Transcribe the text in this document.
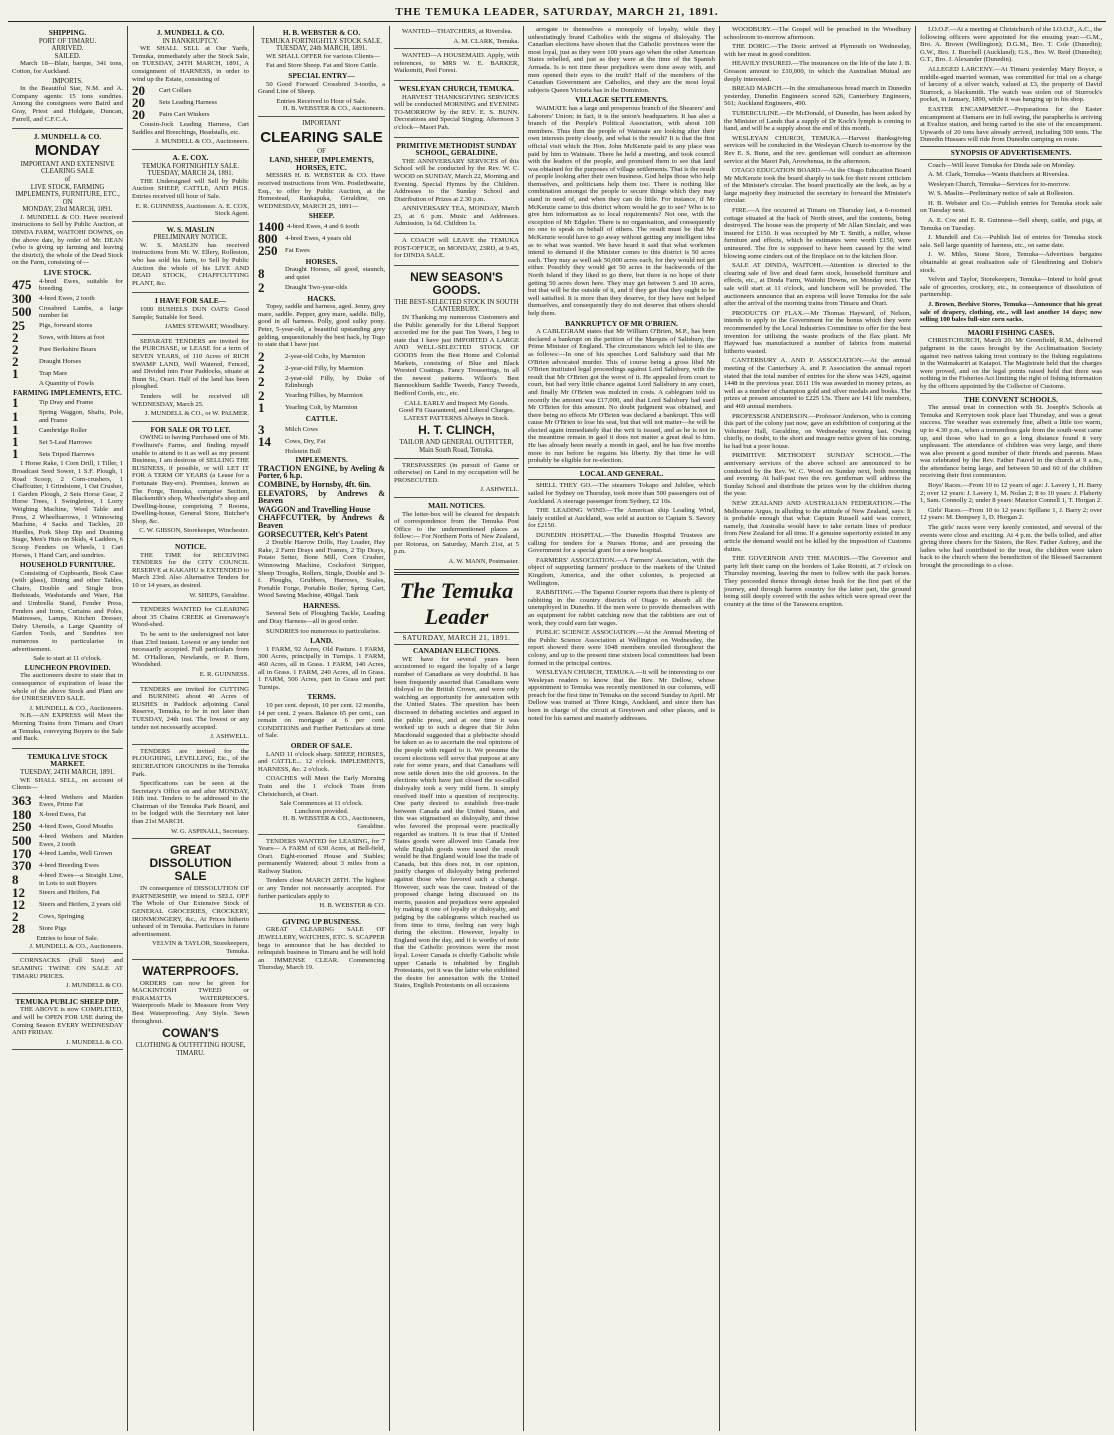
THE TEMUKA LEADER, SATURDAY, MARCH 21, 1891.
SHIPPING.
PORT OF TIMARU.
ARRIVED.
SAILED.

March 18—Blair, barque, 341 tons, Cotton, for Auckland.

IMPORTS.

In the Beautiful Star, N.M. and A. Company agents: 15 tons sundries. Among the consignees were Baird and Gray, Priest and Holdgate, Duncan, Farrell, and C.F.C.A.

J. MUNDELL & CO.
MONDAY
IMPORTANT AND EXTENSIVE CLEARING SALE
of
LIVE STOCK, FARMING IMPLEMENTS, FURNITURE, ETC.,
ON
MONDAY, 23rd MARCH, 1891.

J. MUNDELL & CO. Have received instructions to Sell by Public Auction, at DINDA FARM, WAITOHI DOWNS, on the above date, by order of Mr. DEAN (who is giving up farming and leaving the district), the whole of the Dead Stock on the Farm, consisting of—

LIVE STOCK.
475	4-bred Ewes, suitable for breeding
300	4-bred Ewes, 2 tooth
500	Crossbred Lambs, a large number fat
25	Pigs, forward stores
2	Sows, with litters at foot
2	Pure Berkshire Boars
2	Draught Horses
1	Trap Mare
A Quantity of Fowls
FARMING IMPLEMENTS, ETC.
1	Tip Dray and Frame
1	Spring Waggon, Shafts, Pole, and Frame
1	Cambridge Roller
1	Set 5-Leaf Harrows
1	Sets Tripod Harrows

1 Horse Rake, 1 Corn Drill, 1 Tiller, 1 Broadcast Seed Sower, 1 S.F. Plough, 1 Road Scoop, 2 Corn-crushers, 1 Chaffcutter, 1 Grindstone, 1 Oat Crusher, 1 Garden Plough, 2 Sets Horse Gear, 2 Horse Trees, 1 Swingletree, 1 Lorry Weighing Machine, Wool Table and Press, 2 Wheelbarrows, 1 Winnowing Machine, 4 Sacks and Tackles, 20 Hurdles, Pork Shop Dip and Draining Stage, Men's Huts on Skids, 4 Ladders, 6 Scoop Fenders on Wheels, 1 Cart Horses, 1 Hand Cart, and sundries.

HOUSEHOLD FURNITURE.

Consisting of Cupboards, Book Case (with glass), Dining and other Tables, Chairs, Double and Single Iron Bedsteads, Washstands and Ware, Hat and Umbrella Stand, Fender Press, Fenders and Irons, Curtains and Poles, Mattresses, Lamps, Kitchen Dresser, Dairy Utensils, a Large Quantity of Garden Tools, and Sundries too numerous to particularise in advertisement.

Sale to start at 11 o'clock.
LUNCHEON PROVIDED.

The auctioneers desire to state that in consequence of expiration of lease the whole of the above Stock and Plant are for UNRESERVED SALE.

J. MUNDELL & CO., Auctioneers.

N.B.—AN EXPRESS will Meet the Morning Trains from Timaru and Orari at Temuka, conveying Buyers to the Sale and Back.

TEMUKA LIVE STOCK MARKET.
TUESDAY, 24TH MARCH, 1891.

WE SHALL SELL, on account of Clients—

363	4-bred Wethers and Maiden Ewes, Prime Fat
180	X-bred Ewes, Fat
250	4-bred Ewes, Good Mouths
500	4-bred Wethers and Maiden Ewes, 2 tooth
170	4-bred Lambs, Well Grown
370	4-bred Breeding Ewes
8	4-bred Ewes—a Straight Line, in Lots to suit Buyers
12	Steers and Heifers, Fat
12	Steers and Heifers, 2 years old
2	Cows, Springing
28	Store Pigs
Entries to hour of Sale.
J. MUNDELL & CO., Auctioneers.

CORNSACKS (Full Size) and SEAMING TWINE ON SALE AT TIMARU PRICES.

J. MUNDELL & CO.
TEMUKA PUBLIC SHEEP DIP.

THE ABOVE is now COMPLETED, and will be OPEN FOR USE during the Coming Season EVERY WEDNESDAY AND FRIDAY.

J. MUNDELL & CO.
J. MUNDELL & CO.
IN BANKRUPTCY.

WE SHALL SELL at Our Yards, Temuka, immediately after the Stock Sale, on TUESDAY, 24TH MARCH, 1891, A consignment of HARNESS, in order to wind up the Estate, consisting of

20	Cart Collars
20	Sets Leading Harness
20	Pairs Cart Winkers

Cousin-Jock Leading Harness, Cart Saddles and Breechings, Headstalls, etc.

J. MUNDELL & CO., Auctioneers.
A. E. COX.
TEMUKA FORTNIGHTLY SALE. TUESDAY, MARCH 24, 1891.

THE Undersigned will Sell by Public Auction SHEEP, CATTLE, AND PIGS. Entries received till hour of Sale.

E. R. GUINNESS, Auctioneer. A. E. COX, Stock Agent.
W. S. MASLIN
PRELIMINARY NOTICE.

W. S. MASLIN has received instructions from Mr. W. Ellery, Rolleston, who has sold his farm, to Sell by Public Auction the whole of his LIVE AND DEAD STOCK, CHAFFCUTTING PLANT, &c.

I HAVE FOR SALE—

1000 BUSHELS DUN OATS: Good Sample; Suitable for Seed.

JAMES STEWART, Woodbury.

SEPARATE TENDERS are invited for the PURCHASE, or LEASE for a term of SEVEN YEARS, of 110 Acres of RICH SWAMP LAND, Well Watered, Fenced, and Divided into Four Paddocks, situate at Bunn St., Orari. Half of the land has been ploughed.

Tenders will be received till WEDNESDAY, March 25.

J. MUNDELL & CO., or W. PALMER.
FOR SALE OR TO LET.

OWING to having Purchased one of Mr. Fowlhurst's Farms, and finding myself unable to attend to it as well as my present Business, I am desirous of SELLING THE BUSINESS, if possible, or will LET IT FOR A TERM OF YEARS (a Lease for a Fortunate Buy-ers). Premises, known as The Forge, Temuka, comprise Section, Blacksmith's shop, Wheelwright's shop and Dwelling-house, comprising 7 Rooms, Dwelling-house, General Store, Butcher's Shop, &c.

C. W. GIBSON, Storekeeper, Winchester.
NOTICE.

THE TIME for RECEIVING TENDERS for the CITY COUNCIL RESERVE at KAKAHU is EXTENDED to March 23rd. Also Alternative Tenders for 10 or 14 years, as desired.

W. SHEPS, Geraldine.

TENDERS WANTED for CLEARING about 35 Chains CREEK at Greenaway's Wood-shed.

To be sent to the undersigned not later than 23rd instant. Lowest or any tender not necessarily accepted. Full particulars from M. O'Halloran, Newlands, or P. Burn, Woodshed.

E. R. GUINNESS.

TENDERS are invited for CUTTING and BURNING about 40 Acres of RUSHES in Paddock adjoining Canal Reserve, Temuka, to be in not later than TUESDAY, 24th inst. The lowest or any tender not necessarily accepted.

J. ASHWELL.

TENDERS are invited for the PLOUGHING, LEVELLING, Etc., of the RECREATION GROUNDS in the Temuka Park.

Specifications can be seen at the Secretary's Office on and after MONDAY, 16th inst. Tenders to be addressed to the Chairman of the Temuka Park Board, and to be lodged with the Secretary not later than 21st MARCH.

W. G. ASPINALL, Secretary.
GREAT DISSOLUTION SALE

IN consequence of DISSOLUTION OF PARTNERSHIP, we intend to SELL OFF The Whole of Our Extensive Stock of GENERAL GROCERIES, CROCKERY, IRONMONGERY, &c., At Prices hitherto unheard of in Temuka. Particulars in future advertisement.

VELVIN & TAYLOR, Storekeepers, Temuka.
WATERPROOFS.

ORDERS can now be given for MACKINTOSH TWEED or PARAMATTA WATERPROOFS. Waterproofs Made to Measure from Very Best Waterproofing. Any Style. Sewn throughout.

COWAN'S
CLOTHING & OUTFITTING HOUSE, TIMARU.
H. B. WEBSTER & CO.
TEMUKA FORTNIGHTLY STOCK SALE.
TUESDAY, 24th MARCH, 1891.

WE SHALL OFFER for various Clients—

Fat and Store Sheep. Fat and Store Cattle.

SPECIAL ENTRY—

50 Good Forward Crossbred 3-tooths, a Grand Line of Sheep.

Entries Received to Hour of Sale.
H. B. WEBSTER & CO., Auctioneers.
IMPORTANT
CLEARING SALE
OF
LAND, SHEEP, IMPLEMENTS, HORSES, ETC.

MESSRS H. B. WEBSTER & CO. Have received instructions from Wm. Postlethwaite, Esq., to offer by Public Auction, at the Homestead, Rankapuka, Geraldine, on WEDNESDAY, MARCH 25, 1891—

SHEEP.
1400 4-bred Ewes, 4 and 6 tooth
800	4-bred Ewes, 4 years old
250	Fat Ewes
HORSES.
8	Draught Horses, all good, staunch, and quiet
2	Draught Two-year-olds
HACKS.

Topsy, saddle and harness, aged. Jenny, grey mare, saddle. Pepper, grey mare, saddle. Billy, good in all harness. Polly, good sulky pony. Peter, 5-year-old, a beautiful upstanding grey gelding, unquestionably the best hack, by Togo to state that I have just

2	2-year-old Colts, by Marmion
2	2-year-old Filly, by Marmion
2	2-year-old Filly, by Duke of Edinburgh
2	Yearling Fillies, by Marmion
1	Yearling Colt, by Marmion
CATTLE.
3	Milch Cows
14	Cows, Dry, Fat
Holstein Bull
IMPLEMENTS.
TRACTION ENGINE, by Aveling & Porter, 6 h.p.
COMBINE, by Hornsby, 4ft. 6in.
ELEVATORS, by Andrews & Beaven
WAGGON and Travelling House
CHAFFCUTTER, by Andrews & Beaven
GORSECUTTER, Kelt's Patent

2 Double Harrow Drills, Hay Loader, Hay Rake, 2 Farm Drays and Frames, 2 Tip Drays, Potato Setter, Bone Mill, Corn Crusher, Winnowing Machine, Cocksfoot Stripper, Sheep Troughs, Rollers, Single, Double and 3-f. Ploughs, Grubbers, Harrows, Scales, Portable Forge, Portable Boiler, Spring Cart, Wood Sawing Machine, 400gal. Tank

HARNESS.

Several Sets of Ploughing Tackle, Leading and Dray Harness—all in good order.

SUNDRIES too numerous to particularise.

LAND.

1 FARM, 92 Acres, Old Pasture. 1 FARM, 300 Acres, principally in Turnips. 1 FARM, 460 Acres, all in Grass. 1 FARM, 140 Acres, all in Grass. 1 FARM, 240 Acres, all in Grass. 1 FARM, 506 Acres, part in Grass and part Turnips.

TERMS.

10 per cent. deposit, 10 per cent. 12 months, 14 per cent. 2 years. Balance 65 per cent., can remain on mortgage at 6 per cent. CONDITIONS and Further Particulars at time of Sale.

ORDER OF SALE.

LAND 11 o'clock sharp. SHEEP, HORSES, and CATTLE... 12 o'clock. IMPLEMENTS, HARNESS, &c. 2 o'clock.

COACHES will Meet the Early Morning Train and the 1 o'clock Train from Christchurch, at Orari.

Sale Commences at 11 o'clock.
Luncheon provided.
H. B. WEBSTER & CO., Auctioneers, Geraldine.

TENDERS WANTED for LEASING, for 7 Years— A FARM of 630 Acres, at Bell-field, Orari. Eight-roomed House and Stables; permanently Watered; about 3 miles from a Railway Station.

Tenders close MARCH 28TH. The highest or any Tender not necessarily accepted. For further particulars apply to

H. B. WEBSTER & CO.
GIVING UP BUSINESS.

GREAT CLEARING SALE OF JEWELLERY, WATCHES, ETC. S. SCAPPER begs to announce that he has decided to relinquish business in Timaru and he will hold an IMMENSE CLEAR. Commencing Thursday, March 19.

WANTED—THATCHERS, at Riverslea.

A. M. CLARK, Temuka.

WANTED—A HOUSEMAID. Apply, with references, to MRS W. E. BARKER, Waikomiti, Peel Forest.

WESLEYAN CHURCH, TEMUKA.

HARVEST THANKSGIVING SERVICES will be conducted MORNING and EVENING TO-MORROW by the REV. E. S. BUNN. Decorations and Special Singing. Afternoon 3 o'clock—Maori Pah.

PRIMITIVE METHODIST SUNDAY SCHOOL, GERALDINE.

THE ANNIVERSARY SERVICES of this School will be conducted by the Rev. W. C. WOOD on SUNDAY, March 22, Morning and Evening. Special Hymns by the Children. Addresses to the Sunday School and Distribution of Prizes at 2.30 p.m.

ANNIVERSARY TEA, MONDAY, March 23, at 6 p.m. Music and Addresses. Admission, 1s 6d. Children 1s.

A COACH will LEAVE the TEMUKA POST-OFFICE, on MONDAY, 23RD, at 9.45, for DINDA SALE.

NEW SEASON'S GOODS.
THE BEST-SELECTED STOCK IN SOUTH CANTERBURY.

IN Thanking my numerous Customers and the Public generally for the Liberal Support accorded me for the past Ten Years, I beg to state that I have just IMPORTED A LARGE AND WELL-SELECTED STOCK OF GOODS from the Best Home and Colonial Markets, consisting of Blue and Black Worsted Coatings. Fancy Trouserings, in all the newest patterns. Wilson's Best Bannockburn Saddle Tweeds, Fancy Tweeds, Bedford Cords, etc., etc.

CALL EARLY and Inspect My Goods.
Good Fit Guaranteed, and Liberal Charges.
LATEST PATTERNS Always in Stock.
H. T. CLINCH,
TAILOR AND GENERAL OUTFITTER, Main South Road, Temuka.

TRESPASSERS (in pursuit of Game or otherwise) on Land in my occupation will be PROSECUTED.

J. ASHWELL.
MAIL NOTICES.

The letter-box will be cleared for despatch of correspondence from the Temuka Post Office to the undermentioned places as follow:— For Northern Ports of New Zealand, per Rotorua, on Saturday, March 21st, at 5 p.m.

A. W. MANN, Postmaster.
The Temuka Leader
SATURDAY, MARCH 21, 1891.
CANADIAN ELECTIONS.

WE have for several years been accustomed to regard the loyalty of a large number of Canadians as very doubtful. It has been frequently asserted that Canadians were disloyal to the British Crown, and were only watching an opportunity for annexation with the United States. The question has been discussed in debating societies and argued in the public press, and at one time it was worked up to such a degree that Sir John Macdonald suggested that a plebiscite should be taken so as to ascertain the real opinions of the people with regard to it. We presume the recent elections will serve that purpose at any rate for some years, and that Canadians will now settle down into the old grooves. In the elections which have just closed the so-called disloyalty took a very mild form. It simply resolved itself into a question of reciprocity. One party desired to establish free-trade between Canada and the United States, and this was stigmatised as disloyalty, and those who favored the proposal were practically regarded as traitors. It is true that if United States goods were allowed into Canada free while English goods were taxed the result would be that England would lose the trade of Canada, but this does not, in our opinion, justify charges of disloyalty being preferred against those who favored such a change. However, such was the case. Instead of the proposed change being discussed on its merits, passion and prejudices were appealed by making it one of loyalty or disloyalty, and judging by the cablegrams which reached us from time to time, feeling ran very high during the election. However, loyalty to England won the day, and it is worthy of note that the Catholic provinces were the most loyal. Lower Canada is chiefly Catholic while upper Canada is inhabited by English Protestants, yet it was the latter who exhibited the desire for annexation with the United States, English Protestants on all occasions

arrogate to themselves a monopoly of loyalty, while they unhesitatingly brand Catholics with the stigma of disloyalty. The Canadian elections have shown that the Catholic provinces were the most loyal, just as they were 100 years ago when the other American States rebelled, and just as they were at the time of the Spanish Armada. Is is not time these prejudices were done away with, and men opened their eyes to the truth? Half of the members of the Canadian Government are Catholics, and they are the most loyal subjects Queen Victoria has in the Dominion.

VILLAGE SETTLEMENTS.

WAIMATE has a large and prosperous branch of the Shearers' and Laborers' Union; in fact, it is the union's headquarters. It has also a branch of the People's Political Association, with about 100 members. Thus then the people of Waimate are looking after their own interests pretty closely, and what is the result? It is that the first official visit which the Hon. John McKenzie paid to any place was paid by him to Waimate. There he held a meeting, and took council with the leaders of the people, and promised them to see that land was obtained for the purposes of village settlements. That is the result of people looking after their own business. God helps those who help themselves, and politicians help them too. There is nothing like combination amongst the people to secure things which they may stand in need of, and when they can do little. For instance, if Mr McKenzie came to this district whom would he go to see? Who is to give him information as to local requirements? Not one, with the exception of Mr Edgeler. There is no organisation, and consequently no one to speak on behalf of others. The result must be that Mr McKenzie would have to go away without getting any intelligent idea as to what was wanted. We have heard it said that what workmen intend to demand if the Minister comes to this district is 50 acres each. They may as well ask 50,000 acres each, for they would not get either. Possibly they would get 50 acres in the backwoods of the North Island if they liked to go there, but there is no hope of their getting 50 acres down here. They may get between 5 and 10 acres, but that will be the outside of it, and if they get that they ought to be well satisfied. It is more than they deserve, for they have not helped themselves, and consequently they do not deserve that others should help them.

BANKRUPTCY OF MR O'BRIEN.

A CABLEGRAM states that Mr William O'Brien, M.P., has been declared a bankrupt on the petition of the Marquis of Salisbury, the Prime Minister of England. The circumstances which led to this are as follows:—In one of his speeches Lord Salisbury said that Mr O'Brien advocated murder. This of course being a gross libel Mr O'Brien instituted legal proceedings against Lord Salisbury, with the result that Mr O'Brien got the worst of it. He appealed from court to court, but had very little chance against Lord Salisbury in any court, and finally Mr O'Brien was mulcted in costs. A cablegram told us recently the amount was £17,000, and that Lord Salisbury had sued Mr O'Brien for this amount. No doubt judgment was obtained, and there being no effects Mr O'Brien was declared a bankrupt. This will cause Mr O'Brien to lose his seat, but that will not matter—he will be elected again immediately that the writ is issued, and as he is not in the meantime remain in gaol it does not matter a great deal to him. He has already been nearly a month in gaol, and he has five months more to run before he regains his liberty. By that time he will probably be eligible for re-election.

LOCAL AND GENERAL.

SHELL THEY GO.—The steamers Tokapo and Jubilee, which sailed for Sydney on Thursday, took more than 500 passengers out of Auckland. A steerage passenger from Sydney, £2 10s.

THE LEADING WIND.—The American ship Leading Wind, lately scuttled at Auckland, was sold at auction to Captain S. Savory for £2150.

DUNEDIN HOSPITAL.—The Dunedin Hospital Trustees are calling for tenders for a Nurses Home, and are pressing the Government for a special grant for a new hospital.

FARMERS' ASSOCIATION.—A Farmers' Association, with the object of supporting farmers' produce to the markets of the United Kingdom, America, and the other colonies, is projected at Wellington.

RABBITING.—The Tapanui Courier reports that there is plenty of rabbiting in the country districts of Otago to absorb all the unemployed in Dunedin. If the men were to provide themselves with an equipment for rabbit catching now that the rabbiters are out of work, they could earn fair wages.

PUBLIC SCIENCE ASSOCIATION.—At the Annual Meeting of the Public Science Association at Wellington on Wednesday, the report showed there were 1048 members enrolled throughout the colony, and up to the present time sixteen local committees had been formed in the principal centres.

WESLEYAN CHURCH, TEMUKA.—It will be interesting to our Wesleyan readers to know that the Rev. Mr Dellow, whose appointment to Temuka was recently mentioned in our columns, will preach for the first time in Temuka on the second Sunday in April. Mr Dellow was trained at Three Kings, Auckland, and since then has been in charge of the circuit at Greytown and other places, and is noted for his earnest and masterly addresses.

WOODBURY.—The Gospel will be preached in the Woodbury schoolroom to-morrow afternoon.

THE DORIC.—The Doric arrived at Plymouth on Wednesday, with her meat in good condition.

HEAVILY INSURED.—The insurances on the life of the late J. B. Greason amount to £10,000, in which the Australian Mutual are deeply interested.

BREAD MARCH.—In the simultaneous bread march in Dunedin yesterday, Dunedin Engineers scored 626, Canterbury Engineers, 561; Auckland Engineers, 490.

TUBERCULINE.—Dr McDonald, of Dunedin, has been asked by the Minister of Lands that a supply of Dr Koch's lymph is coming to hand, and will be a supply about the end of this month.

WESLEYAN CHURCH, TEMUKA.—Harvest thanksgiving services will be conducted in the Wesleyan Church to-morrow by the Rev E. S. Bunn, and the rev. gentleman will conduct an afternoon service at the Maori Pah, Arowhenua, in the afternoon.

OTAGO EDUCATION BOARD.—At the Otago Education Board Mr McKenzie took the board sharply to task for their recent criticism of the Minister's circular. The board practically ate the leek, as by a large majority they instructed the secretary to forward the Minister's circular.

FIRE.—A fire occurred at Timaru on Thursday last, a 6-roomed cottage situated at the back of North street, and the contents, being destroyed. The house was the property of Mr Allan Sinclair, and was insured for £150. It was occupied by Mr T. Smith, a miller, whose furniture and effects, which he estimates were worth £150, were uninsured. The fire is supposed to have been caused by the wind blowing some cinders out of the fireplace on to the kitchen floor.

SALE AT DINDA, WAITOHI.—Attention is directed to the clearing sale of live and dead farm stock, household furniture and effects, etc., at Dinda Farm, Waitohi Downs, on Monday next. The sale will start at 11 o'clock, and luncheon will be provided. The auctioneers announce that an express will leave Temuka for the sale after the arrival of the morning trains from Timaru and Orari.

PRODUCTS OF FLAX.—Mr Thomas Hayward, of Nelson, intends to apply to the Government for the bonus which they were recommended by the Local Industries Committee to offer for the best invention for utilising the waste products of the flax plant. Mr Hayward has manufactured a number of fabrics from material hitherto wasted.

CANTERBURY A. AND P. ASSOCIATION.—At the annual meeting of the Canterbury A. and P. Association the annual report stated that the total number of entries for the show was 1429, against 1448 in the previous year. £611 19s was awarded in money prizes, as well as a number of champion gold and silver medals and books. The prizes at present amounted to £225 13s. There are 141 life members, and 469 annual members.

PROFESSOR ANDERSON.—Professor Anderson, who is coming this part of the colony just now, gave an exhibition of conjuring at the Volunteer Hall, Geraldine, on Wednesday evening last. Owing chiefly, no doubt, to the short and meagre notice given of his coming, he had but a poor house.

PRIMITIVE METHODIST SUNDAY SCHOOL.—The anniversary services of the above school are announced to be conducted by the Rev. W. C. Wood on Sunday next, both morning and evening. At half-past two the rev. gentleman will address the Sunday School and distribute the prizes won by the children during the year.

NEW ZEALAND AND AUSTRALIAN FEDERATION.—The Melbourne Argus, in alluding to the attitude of New Zealand, says: It is probable enough that what Captain Russell said was correct, namely, that Australia would have to take certain lines of produce from New Zealand for all time. If a genuine superiority existed in any article the demand would not be killed by the imposition of Customs duties.

THE GOVERNOR AND THE MAORIS.—The Governor and party left their camp on the borders of Lake Rotoiti, at 7 o'clock on Thursday morning, leaving the men to follow with the pack horses. They proceeded thence through dense bush for the first part of the journey, and through barren country for the latter part, the ground being still deeply covered with the ashes which were spread over the country at the time of the Tarawera eruption.

I.O.O.F.—At a meeting at Christchurch of the I.O.O.F., A.C., the following officers were appointed for the ensuing year:—G.M., Bro. A. Brown (Wellington); D.G.M., Bro. T. Cole (Dunedin); G.W., Bro. J. Burchell (Auckland); G.S., Bro. W. Reid (Dunedin); G.T., Bro. J. Alexander (Dunedin).

ALLEGED LARCENY.—At Timaru yesterday Mary Boyce, a middle-aged married woman, was committed for trial on a charge of larceny of a silver watch, valued at £3, the property of David Sturrock, a blacksmith. The watch was stolen out of Sturrock's pocket, in January, 1890, while it was hanging up in his shop.

EASTER ENCAMPMENT.—Preparations for the Easter encampment at Oamaru are in full swing, the parapherlia is arriving at Evalize station, and being carted to the site of the encampment. Upwards of 20 tons have already arrived, including 500 tents. The Dunedin Hussars will ride from Dunedin camping en route.

SYNOPSIS OF ADVERTISEMENTS.

Coach—Will leave Temuka for Dinda sale on Monday.

A. M. Clark, Temuka—Wants thatchers at Riverslea.

Wesleyan Church, Temuka—Services for to-morrow.

W. S. Maslin—Preliminary notice of sale at Rolleston.

H. B. Webster and Co.—Publish entries for Temuka stock sale on Tuesday next.

A. E. Cox and E. R. Guinness—Sell sheep, cattle, and pigs, at Temuka on Tuesday.

J. Mundell and Co.—Publish list of entries for Temuka stock sale. Sell large quantity of harness, etc., on same date.

J. W. Miles, Stone Store, Temuka—Advertises bargains obtainable at great realisation sale of Glendinning and Dobie's stock.

Velvin and Taylor, Storekeepers, Temuka—Intend to hold great sale of groceries, crockery, etc., in consequence of dissolution of partnership.

J. Brown, Beehive Stores, Temuka—Announce that his great sale of drapery, clothing, etc., will last another 14 days; now selling 100 bales full-size corn sacks.

MAORI FISHING CASES.

CHRISTCHURCH, March 20. Mr Greenfield, R.M., delivered judgment in the cases brought by the Acclimatisation Society against two natives taking trout contrary to the fishing regulations in the Waimakariri at Kaiapoi. The Magistrate held that the charges were proved, and on the legal points raised held that there was nothing in the Fisheries Act limiting the right of fishing information by the officers appointed by the Collector of Customs.

THE CONVENT SCHOOLS.

The annual treat in connection with St. Joseph's Schools at Temuka and Kerrytown took place last Thursday, and was a great success. The weather was extremely fine, albeit a little too warm, up to 4.30 p.m., when a tremendous gale from the south-west came up, and those who had to go a long distance found it very unpleasant. The attendance of children was very large, and there was also present a good number of their friends and parents. Mass was celebrated by the Rev. Father Fauvel in the church at 9 a.m., the attendance being large, and between 50 and 60 of the children receiving their first communion.

Boys' Races.—From 10 to 12 years of age: J. Lavery 1, H. Barry 2; over 12 years: J. Lavery 1, M. Nolan 2; 8 to 10 years: J. Flaherty 1, Sam. Connolly 2; under 8 years: Maurice Connell 1, T. Horgan 2.

Girls' Races.—From 10 to 12 years: Spillane 1, J. Barry 2; over 12 years: M. Dempsey 1, D. Horgan 2.

The girls' races were very keenly contested, and several of the events were close and exciting. At 4 p.m. the bells tolled, and after giving three cheers for the Sisters, the Rev. Father Aubrey, and the ladies who had contributed to the treat, the children were taken back to the church where the benediction of the Blessed Sacrament brought the proceedings to a close.
